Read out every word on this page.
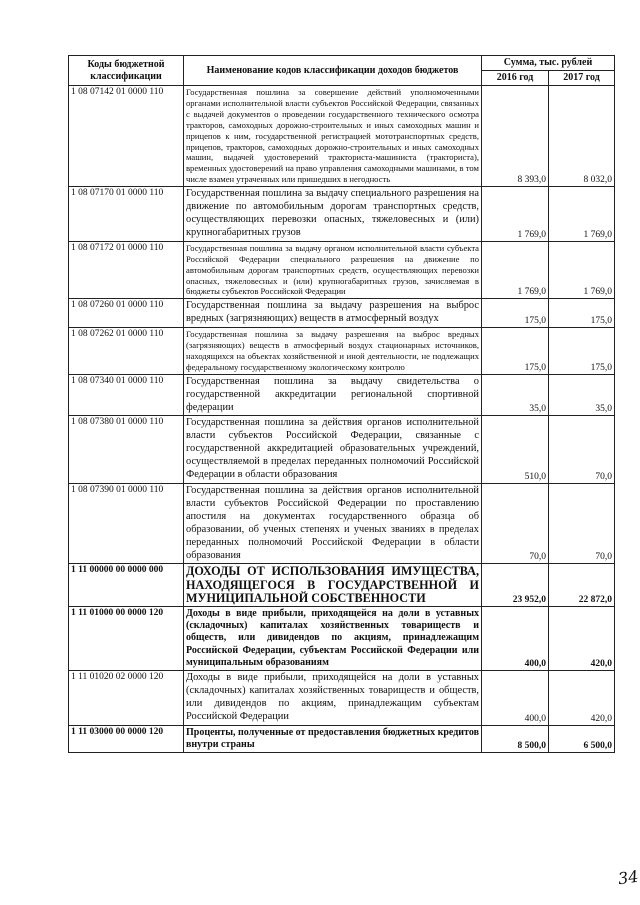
Коды бюджетной классификации	Наименование кодов классификации доходов бюджетов	Сумма, тыс. рублей	
		2016 год	2017 год
1 08 07142 01 0000 110	Государственная пошлина за совершение действий уполномоченными органами исполнительной власти субъектов Российской Федерации, связанных с выдачей документов о проведении государственного технического осмотра тракторов, самоходных дорожно-строительных и иных самоходных машин и прицепов к ним, государственной регистрацией мототранспортных средств, прицепов, тракторов, самоходных дорожно-строительных и иных самоходных машин, выдачей удостоверений тракториста-машиниста (тракториста), временных удостоверений на право управления самоходными машинами, в том числе взамен утраченных или пришедших в негодность	8 393,0	8 032,0
1 08 07170 01 0000 110	Государственная пошлина за выдачу специального разрешения на движение по автомобильным дорогам транспортных средств, осуществляющих перевозки опасных, тяжеловесных и (или) крупногабаритных грузов	1 769,0	1 769,0
1 08 07172 01 0000 110	Государственная пошлина за выдачу органом исполнительной власти субъекта Российской Федерации специального разрешения на движение по автомобильным дорогам транспортных средств, осуществляющих перевозки опасных, тяжеловесных и (или) крупногабаритных грузов, зачисляемая в бюджеты субъектов Российской Федерации	1 769,0	1 769,0
1 08 07260 01 0000 110	Государственная пошлина за выдачу разрешения на выброс вредных (загрязняющих) веществ в атмосферный воздух	175,0	175,0
1 08 07262 01 0000 110	Государственная пошлина за выдачу разрешения на выброс вредных (загрязняющих) веществ в атмосферный воздух стационарных источников, находящихся на объектах хозяйственной и иной деятельности, не подлежащих федеральному государственному экологическому контролю	175,0	175,0
1 08 07340 01 0000 110	Государственная пошлина за выдачу свидетельства о государственной аккредитации региональной спортивной федерации	35,0	35,0
1 08 07380 01 0000 110	Государственная пошлина за действия органов исполнительной власти субъектов Российской Федерации, связанные с государственной аккредитацией образовательных учреждений, осуществляемой в пределах переданных полномочий Российской Федерации в области образования	510,0	70,0
1 08 07390 01 0000 110	Государственная пошлина за действия органов исполнительной власти субъектов Российской Федерации по проставлению апостиля на документах государственного образца об образовании, об ученых степенях и ученых званиях в пределах переданных полномочий Российской Федерации в области образования	70,0	70,0
1 11 00000 00 0000 000	ДОХОДЫ ОТ ИСПОЛЬЗОВАНИЯ ИМУЩЕСТВА, НАХОДЯЩЕГОСЯ В ГОСУДАРСТВЕННОЙ И МУНИЦИПАЛЬНОЙ СОБСТВЕННОСТИ	23 952,0	22 872,0
1 11 01000 00 0000 120	Доходы в виде прибыли, приходящейся на доли в уставных (складочных) капиталах хозяйственных товариществ и обществ, или дивидендов по акциям, принадлежащим Российской Федерации, субъектам Российской Федерации или муниципальным образованиям	400,0	420,0
1 11 01020 02 0000 120	Доходы в виде прибыли, приходящейся на доли в уставных (складочных) капиталах хозяйственных товариществ и обществ, или дивидендов по акциям, принадлежащим субъектам Российской Федерации	400,0	420,0
1 11 03000 00 0000 120	Проценты, полученные от предоставления бюджетных кредитов внутри страны	8 500,0	6 500,0
34
